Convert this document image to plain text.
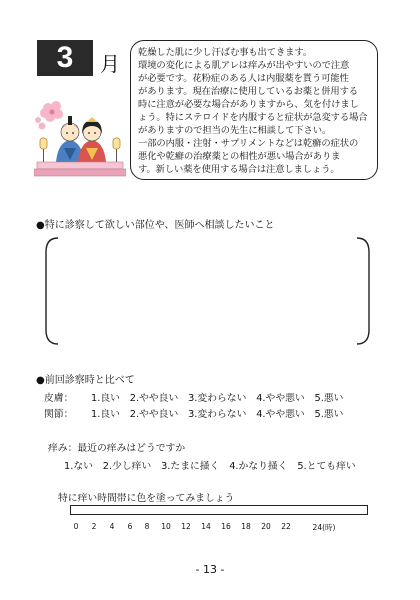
3	月 乾燥した肌に少し汗ばむ事も出てきます。
環境の変化による肌アレは痒みが出やすいので注意
が必要です。花粉症のある人は内服薬を貰う可能性
があります。現在治療に使用しているお薬と併用する
時に注意が必要な場合がありますから、気を付けまし
ょう。特にステロイドを内服すると症状が急変する場合
がありますので担当の先生に相談して下さい。
一部の内服・注射・サプリメントなどは乾癬の症状の
悪化や乾癬の治療薬との相性が悪い場合がありま
す。新しい薬を使用する場合は注意しましょう。
●特に診察して欲しい部位や、医師へ相談したいこと
●前回診察時と比べて
皮膚： 1.良い　2.やや良い　3.変わらない　4.やや悪い　5.悪い
関節： 1.良い　2.やや良い　3.変わらない　4.やや悪い　5.悪い
痒み：最近の痒みはどうですか
1.ない　2.少し痒い　3.たまに掻く　4.かなり掻く　5.とても痒い
特に痒い時間帯に色を塗ってみましょう
0 2 4 6 8 10 12 14 16 18 20 22	24(時)
- 13 -
